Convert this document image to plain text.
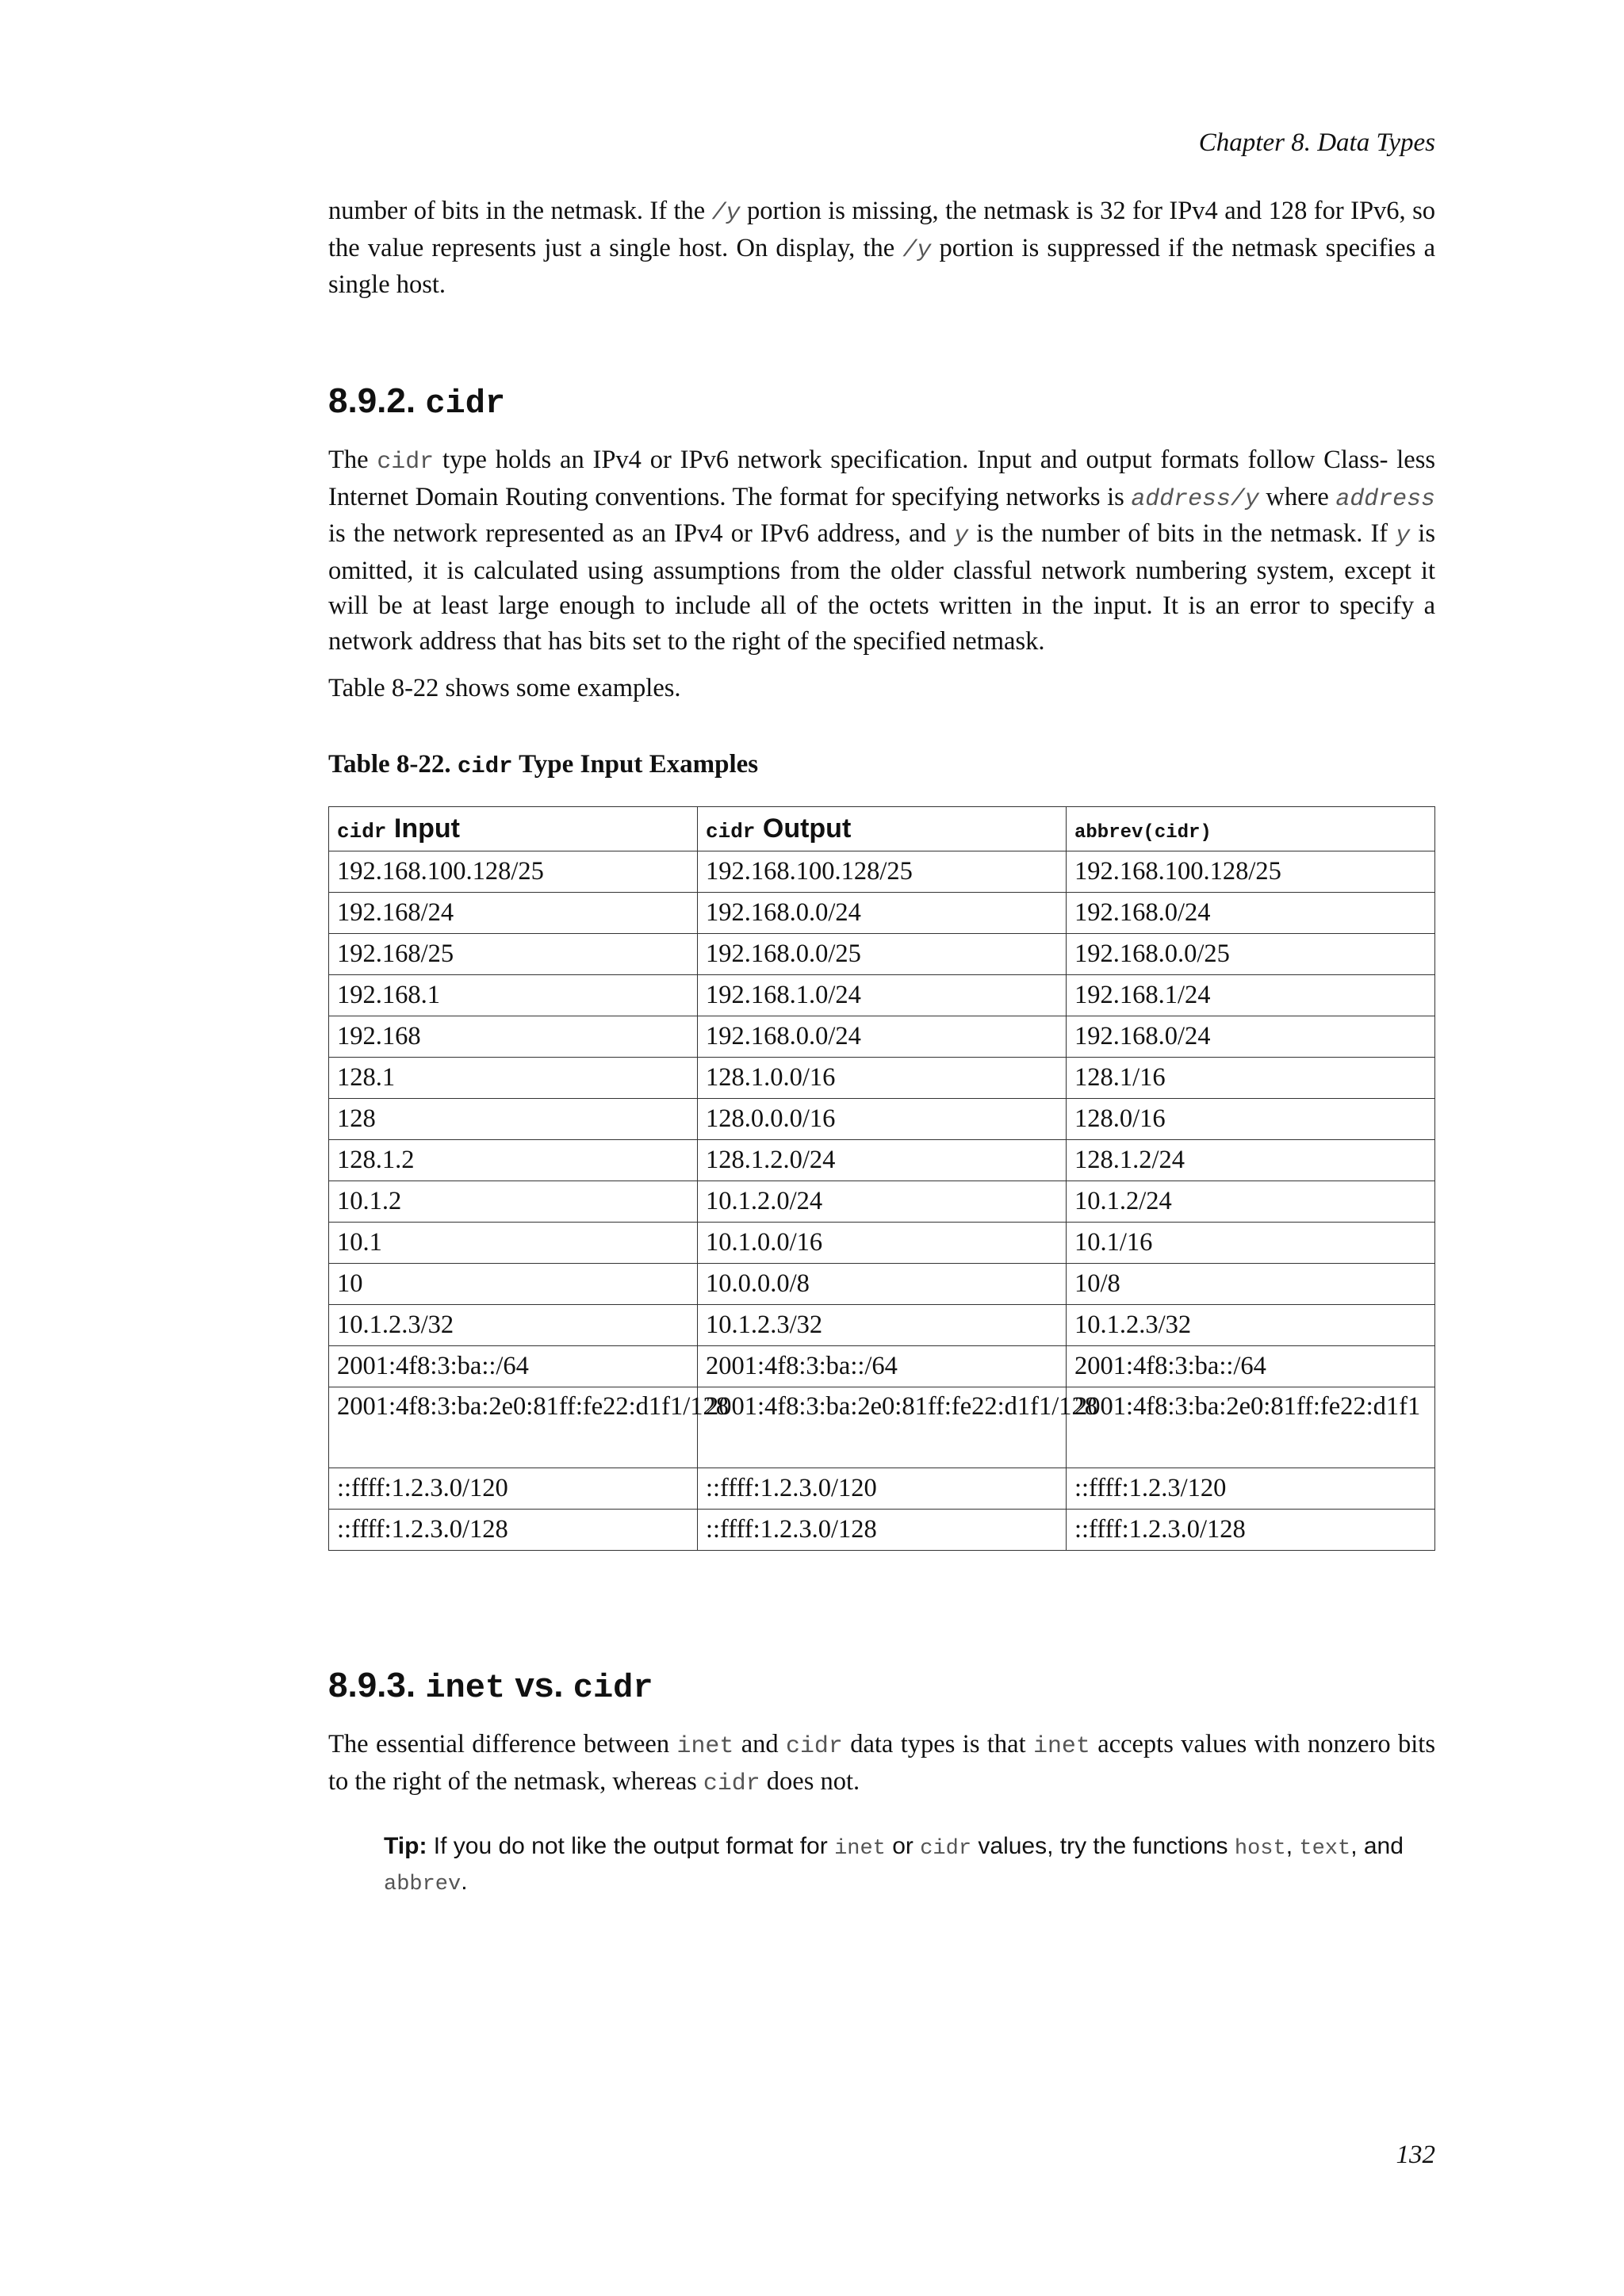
Chapter 8. Data Types

number of bits in the netmask. If the /y portion is missing, the netmask is 32 for IPv4 and 128 for IPv6, so the value represents just a single host. On display, the /y portion is suppressed if the netmask specifies a single host.

8.9.2. cidr

The cidr type holds an IPv4 or IPv6 network specification. Input and output formats follow Class- less Internet Domain Routing conventions. The format for specifying networks is address/y where address is the network represented as an IPv4 or IPv6 address, and y is the number of bits in the netmask. If y is omitted, it is calculated using assumptions from the older classful network numbering system, except it will be at least large enough to include all of the octets written in the input. It is an error to specify a network address that has bits set to the right of the specified netmask.

Table 8-22 shows some examples.

Table 8-22. cidr Type Input Examples

cidr Input	cidr Output	abbrev(cidr)
192.168.100.128/25	192.168.100.128/25	192.168.100.128/25
192.168/24	192.168.0.0/24	192.168.0/24
192.168/25	192.168.0.0/25	192.168.0.0/25
192.168.1	192.168.1.0/24	192.168.1/24
192.168	192.168.0.0/24	192.168.0/24
128.1	128.1.0.0/16	128.1/16
128	128.0.0.0/16	128.0/16
128.1.2	128.1.2.0/24	128.1.2/24
10.1.2	10.1.2.0/24	10.1.2/24
10.1	10.1.0.0/16	10.1/16
10	10.0.0.0/8	10/8
10.1.2.3/32	10.1.2.3/32	10.1.2.3/32
2001:4f8:3:ba::/64	2001:4f8:3:ba::/64	2001:4f8:3:ba::/64
2001:4f8:3:ba:2e0:81ff:fe22:d1f1/128	2001:4f8:3:ba:2e0:81ff:fe22:d1f1/128	2001:4f8:3:ba:2e0:81ff:fe22:d1f1
::ffff:1.2.3.0/120	::ffff:1.2.3.0/120	::ffff:1.2.3/120
::ffff:1.2.3.0/128	::ffff:1.2.3.0/128	::ffff:1.2.3.0/128
8.9.3. inet vs. cidr

The essential difference between inet and cidr data types is that inet accepts values with nonzero bits to the right of the netmask, whereas cidr does not.

Tip: If you do not like the output format for inet or cidr values, try the functions host, text, and abbrev.

132
